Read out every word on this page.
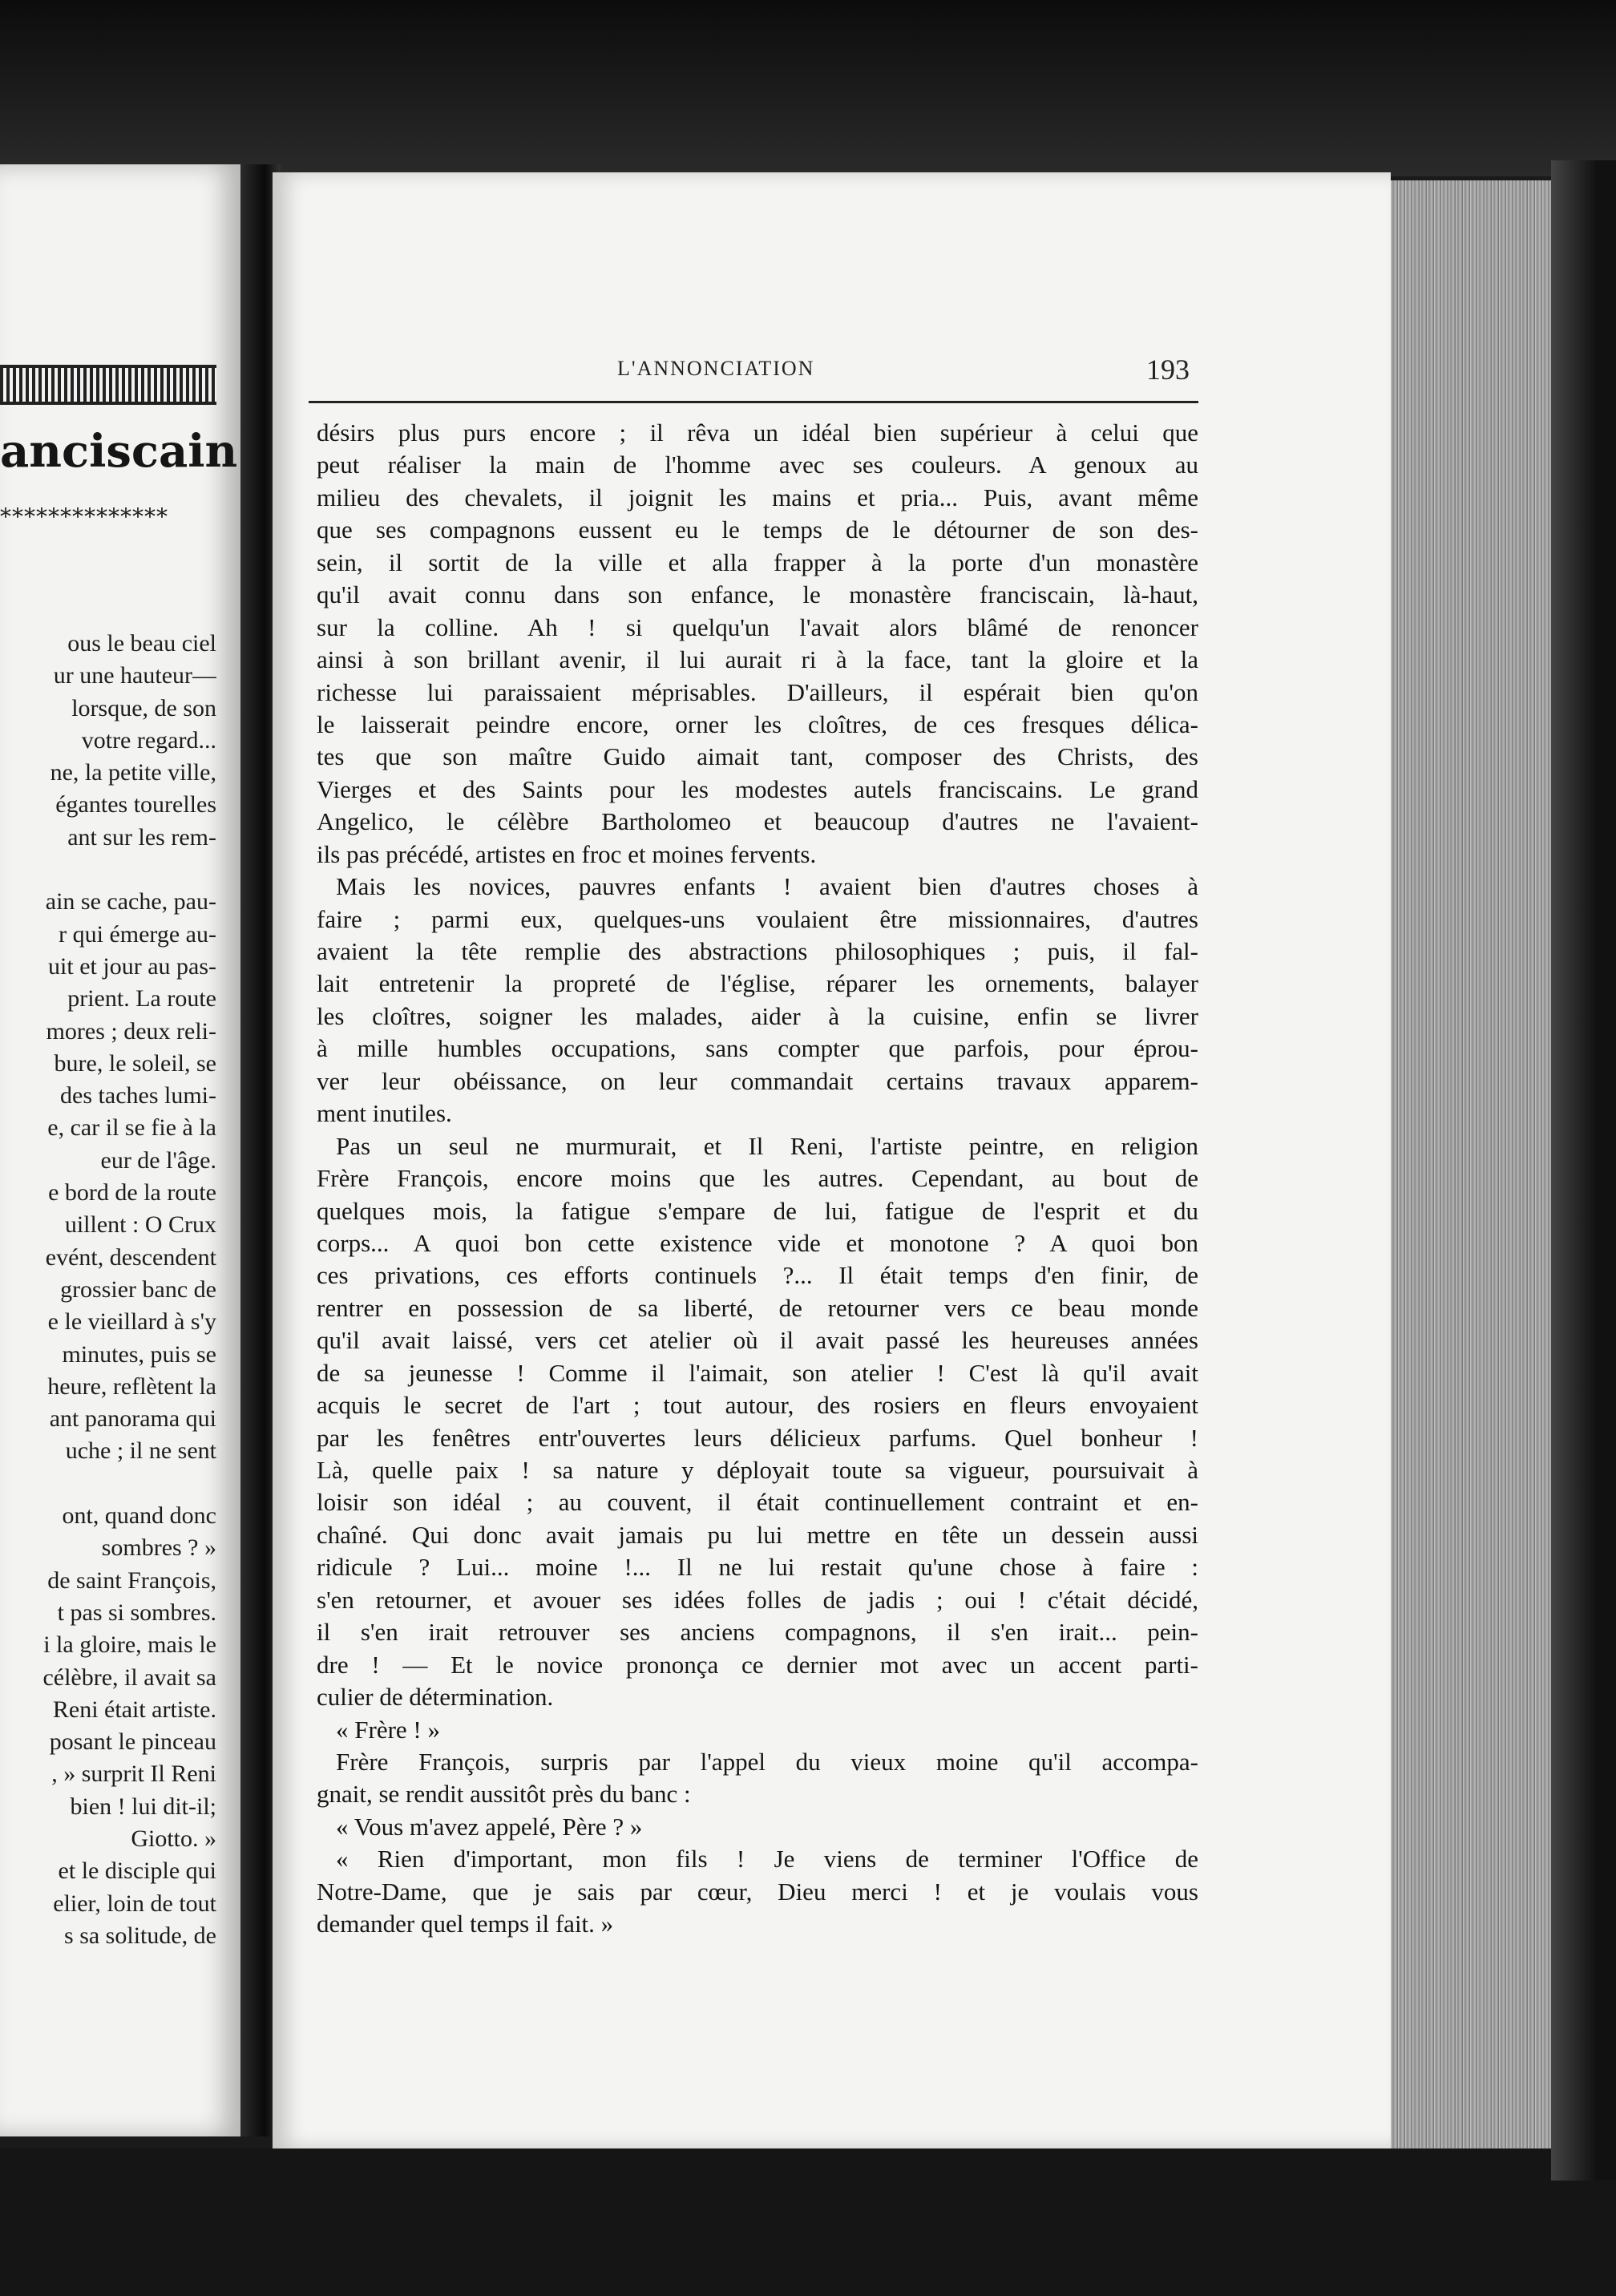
anciscain
**************
ous le beau ciel
ur une hauteur—
lorsque, de son
votre regard...
ne, la petite ville,
égantes tourelles
ant sur les rem-
ain se cache, pau-
r qui émerge au-
uit et jour au pas-
prient. La route
mores ; deux reli-
bure, le soleil, se
des taches lumi-
e, car il se fie à la
eur de l'âge.
e bord de la route
uillent : O Crux
evént, descendent
grossier banc de
e le vieillard à s'y
minutes, puis se
heure, reflètent la
ant panorama qui
uche ; il ne sent
ont, quand donc
sombres ? »
de saint François,
t pas si sombres.
i la gloire, mais le
célèbre, il avait sa
Reni était artiste.
posant le pinceau
, » surprit Il Reni
bien ! lui dit-il;
Giotto. »
et le disciple qui
elier, loin de tout
s sa solitude, de
L'ANNONCIATION	193
désirs plus purs encore ; il rêva un idéal bien supérieur à celui que
peut réaliser la main de l'homme avec ses couleurs. A genoux au
milieu des chevalets, il joignit les mains et pria... Puis, avant même
que ses compagnons eussent eu le temps de le détourner de son des-
sein, il sortit de la ville et alla frapper à la porte d'un monastère
qu'il avait connu dans son enfance, le monastère franciscain, là-haut,
sur la colline. Ah ! si quelqu'un l'avait alors blâmé de renoncer
ainsi à son brillant avenir, il lui aurait ri à la face, tant la gloire et la
richesse lui paraissaient méprisables. D'ailleurs, il espérait bien qu'on
le laisserait peindre encore, orner les cloîtres, de ces fresques délica-
tes que son maître Guido aimait tant, composer des Christs, des
Vierges et des Saints pour les modestes autels franciscains. Le grand
Angelico, le célèbre Bartholomeo et beaucoup d'autres ne l'avaient-
ils pas précédé, artistes en froc et moines fervents.
Mais les novices, pauvres enfants ! avaient bien d'autres choses à
faire ; parmi eux, quelques-uns voulaient être missionnaires, d'autres
avaient la tête remplie des abstractions philosophiques ; puis, il fal-
lait entretenir la propreté de l'église, réparer les ornements, balayer
les cloîtres, soigner les malades, aider à la cuisine, enfin se livrer
à mille humbles occupations, sans compter que parfois, pour éprou-
ver leur obéissance, on leur commandait certains travaux apparem-
ment inutiles.
Pas un seul ne murmurait, et Il Reni, l'artiste peintre, en religion
Frère François, encore moins que les autres. Cependant, au bout de
quelques mois, la fatigue s'empare de lui, fatigue de l'esprit et du
corps... A quoi bon cette existence vide et monotone ? A quoi bon
ces privations, ces efforts continuels ?... Il était temps d'en finir, de
rentrer en possession de sa liberté, de retourner vers ce beau monde
qu'il avait laissé, vers cet atelier où il avait passé les heureuses années
de sa jeunesse ! Comme il l'aimait, son atelier ! C'est là qu'il avait
acquis le secret de l'art ; tout autour, des rosiers en fleurs envoyaient
par les fenêtres entr'ouvertes leurs délicieux parfums. Quel bonheur !
Là, quelle paix ! sa nature y déployait toute sa vigueur, poursuivait à
loisir son idéal ; au couvent, il était continuellement contraint et en-
chaîné. Qui donc avait jamais pu lui mettre en tête un dessein aussi
ridicule ? Lui... moine !... Il ne lui restait qu'une chose à faire :
s'en retourner, et avouer ses idées folles de jadis ; oui ! c'était décidé,
il s'en irait retrouver ses anciens compagnons, il s'en irait... pein-
dre ! — Et le novice prononça ce dernier mot avec un accent parti-
culier de détermination.
« Frère ! »
Frère François, surpris par l'appel du vieux moine qu'il accompa-
gnait, se rendit aussitôt près du banc :
« Vous m'avez appelé, Père ? »
« Rien d'important, mon fils ! Je viens de terminer l'Office de
Notre-Dame, que je sais par cœur, Dieu merci ! et je voulais vous
demander quel temps il fait. »
